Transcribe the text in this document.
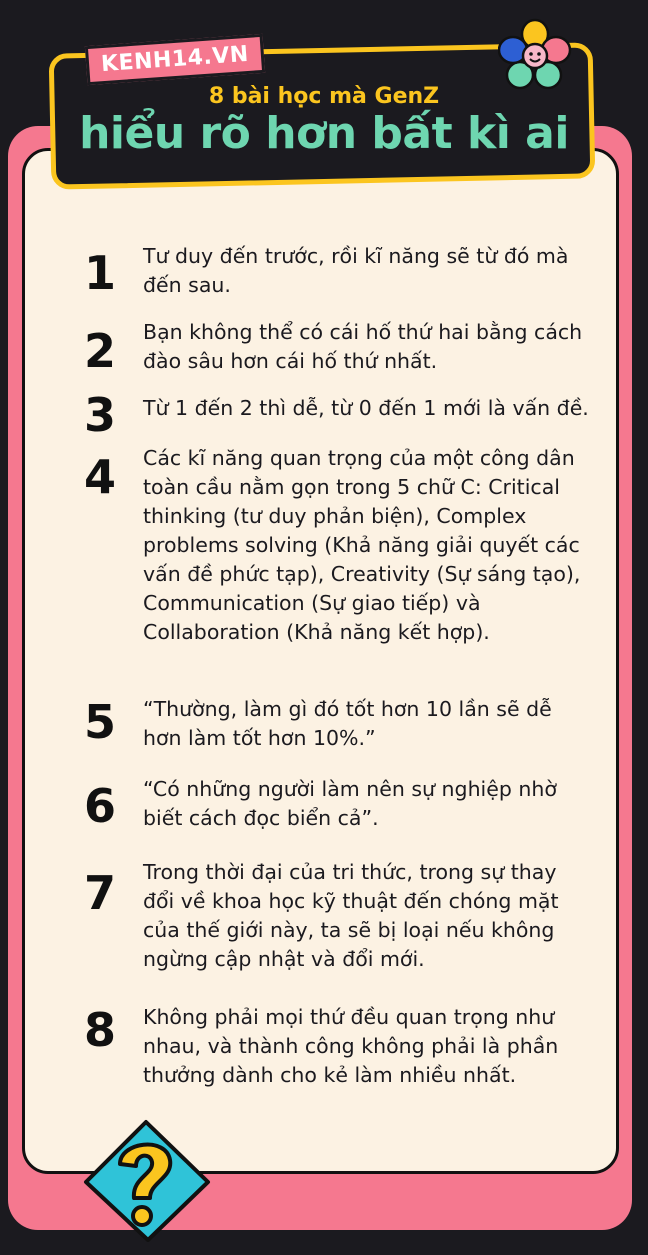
KENH14.VN
8 bài học mà GenZ
hiểu rõ hơn bất kì ai
1 Tư duy đến trước, rồi kĩ năng sẽ từ đó mà đến sau.
2 Bạn không thể có cái hố thứ hai bằng cách đào sâu hơn cái hố thứ nhất.
3 Từ 1 đến 2 thì dễ, từ 0 đến 1 mới là vấn đề.
4 Các kĩ năng quan trọng của một công dân toàn cầu nằm gọn trong 5 chữ C: Critical thinking (tư duy phản biện), Complex problems solving (Khả năng giải quyết các vấn đề phức tạp), Creativity (Sự sáng tạo), Communication (Sự giao tiếp) và Collaboration (Khả năng kết hợp).
5 “Thường, làm gì đó tốt hơn 10 lần sẽ dễ hơn làm tốt hơn 10%.”
6 “Có những người làm nên sự nghiệp nhờ biết cách đọc biển cả”.
7 Trong thời đại của tri thức, trong sự thay đổi về khoa học kỹ thuật đến chóng mặt của thế giới này, ta sẽ bị loại nếu không ngừng cập nhật và đổi mới.
8 Không phải mọi thứ đều quan trọng như nhau, và thành công không phải là phần thưởng dành cho kẻ làm nhiều nhất.
